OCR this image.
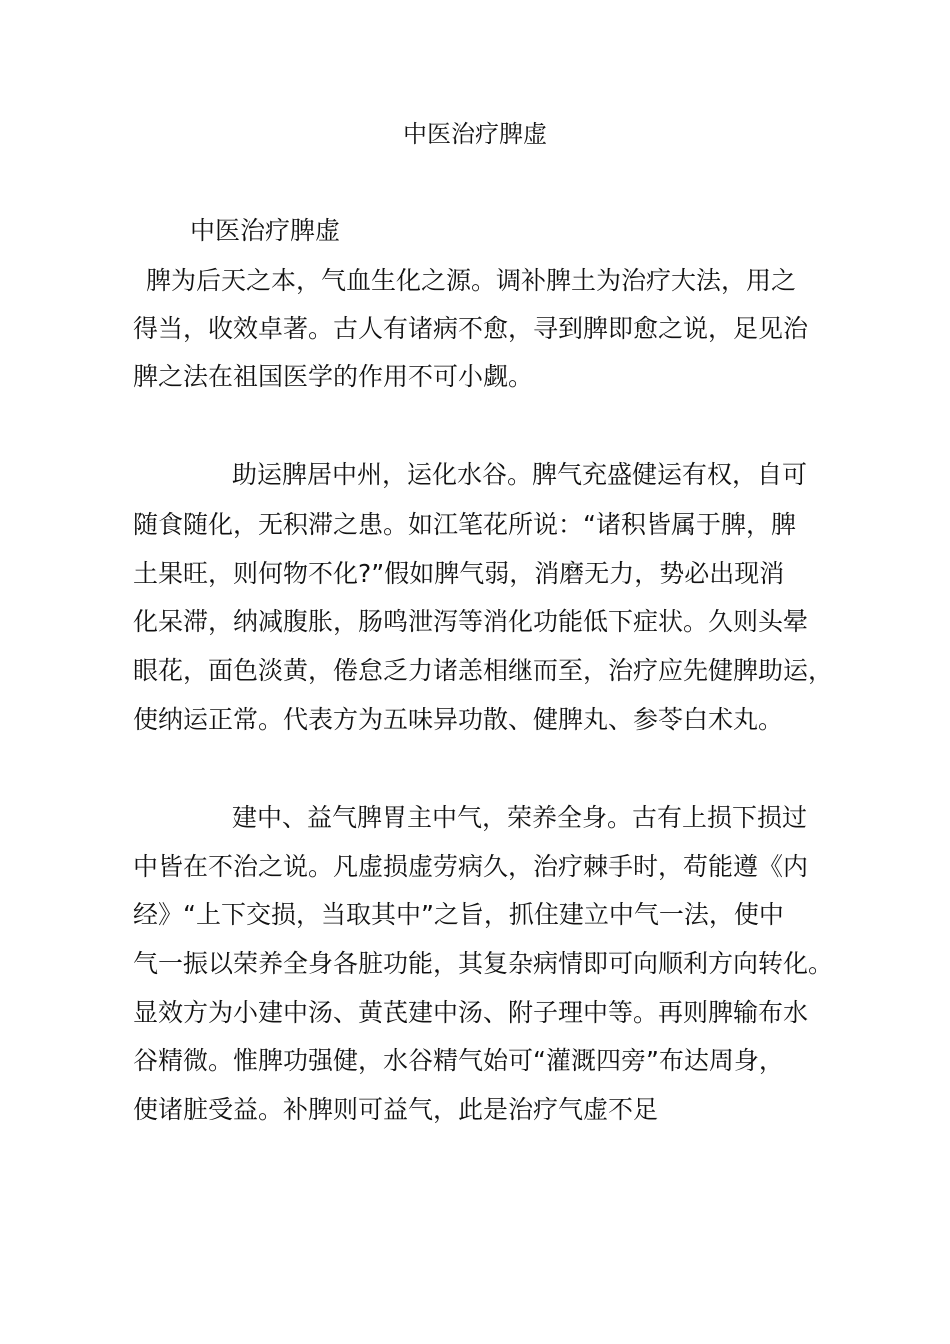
中医治疗脾虚
中医治疗脾虚
脾为后天之本，气血生化之源。调补脾土为治疗大法，用之
得当，收效卓著。古人有诸病不愈，寻到脾即愈之说，足见治
脾之法在祖国医学的作用不可小觑。
助运脾居中州，运化水谷。脾气充盛健运有权，自可
随食随化，无积滞之患。如江笔花所说：“诸积皆属于脾，脾
土果旺，则何物不化?”假如脾气弱，消磨无力，势必出现消
化呆滞，纳减腹胀，肠鸣泄泻等消化功能低下症状。久则头晕
眼花，面色淡黄，倦怠乏力诸恙相继而至，治疗应先健脾助运，
使纳运正常。代表方为五味异功散、健脾丸、参苓白术丸。
建中、益气脾胃主中气，荣养全身。古有上损下损过
中皆在不治之说。凡虚损虚劳病久，治疗棘手时，苟能遵《内
经》“上下交损，当取其中”之旨，抓住建立中气一法，使中
气一振以荣养全身各脏功能，其复杂病情即可向顺利方向转化。
显效方为小建中汤、黄芪建中汤、附子理中等。再则脾输布水
谷精微。惟脾功强健，水谷精气始可“灌溉四旁”布达周身，
使诸脏受益。补脾则可益气，此是治疗气虚不足
